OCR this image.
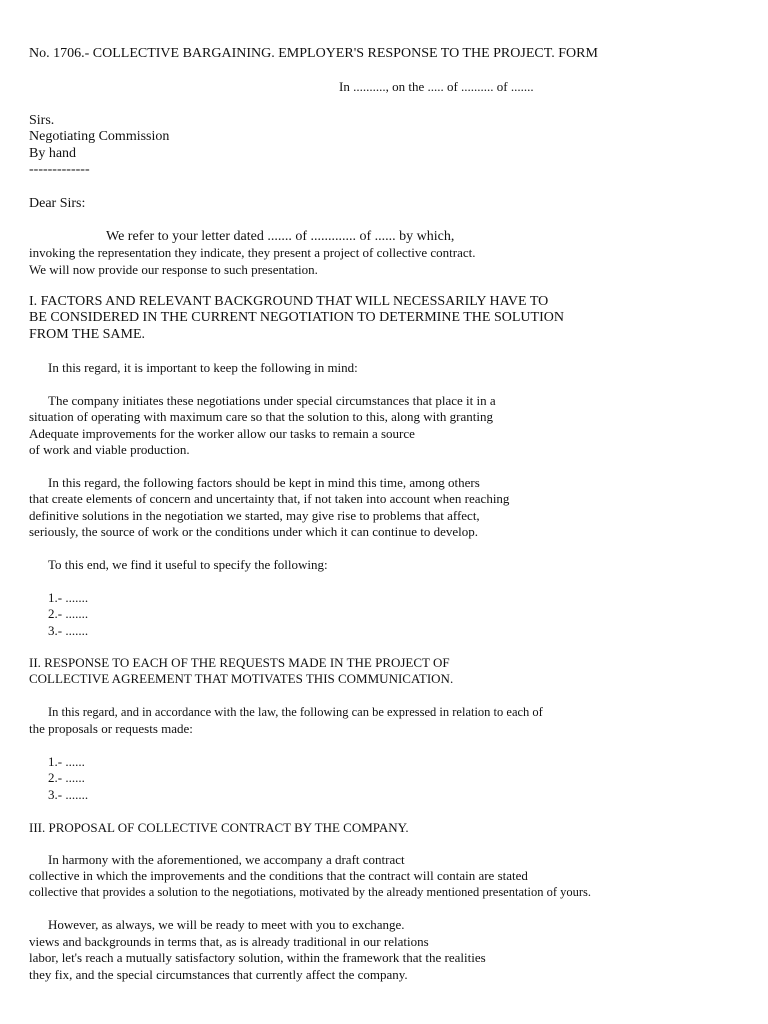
No. 1706.- COLLECTIVE BARGAINING. EMPLOYER'S RESPONSE TO THE PROJECT. FORM
In .........., on the ..... of .......... of .......
Sirs.
Negotiating Commission
By hand
-------------
Dear Sirs:
We refer to your letter dated ....... of ............. of ...... by which,
invoking the representation they indicate, they present a project of collective contract.
We will now provide our response to such presentation.
I. FACTORS AND RELEVANT BACKGROUND THAT WILL NECESSARILY HAVE TO
BE CONSIDERED IN THE CURRENT NEGOTIATION TO DETERMINE THE SOLUTION
FROM THE SAME.
In this regard, it is important to keep the following in mind:
The company initiates these negotiations under special circumstances that place it in a
situation of operating with maximum care so that the solution to this, along with granting
Adequate improvements for the worker allow our tasks to remain a source
of work and viable production.
In this regard, the following factors should be kept in mind this time, among others
that create elements of concern and uncertainty that, if not taken into account when reaching
definitive solutions in the negotiation we started, may give rise to problems that affect,
seriously, the source of work or the conditions under which it can continue to develop.
To this end, we find it useful to specify the following:
1.- .......
2.- .......
3.- .......
II. RESPONSE TO EACH OF THE REQUESTS MADE IN THE PROJECT OF
COLLECTIVE AGREEMENT THAT MOTIVATES THIS COMMUNICATION.
In this regard, and in accordance with the law, the following can be expressed in relation to each of
the proposals or requests made:
1.- ......
2.- ......
3.- .......
III. PROPOSAL OF COLLECTIVE CONTRACT BY THE COMPANY.
In harmony with the aforementioned, we accompany a draft contract
collective in which the improvements and the conditions that the contract will contain are stated
collective that provides a solution to the negotiations, motivated by the already mentioned presentation of yours.
However, as always, we will be ready to meet with you to exchange.
views and backgrounds in terms that, as is already traditional in our relations
labor, let's reach a mutually satisfactory solution, within the framework that the realities
they fix, and the special circumstances that currently affect the company.
